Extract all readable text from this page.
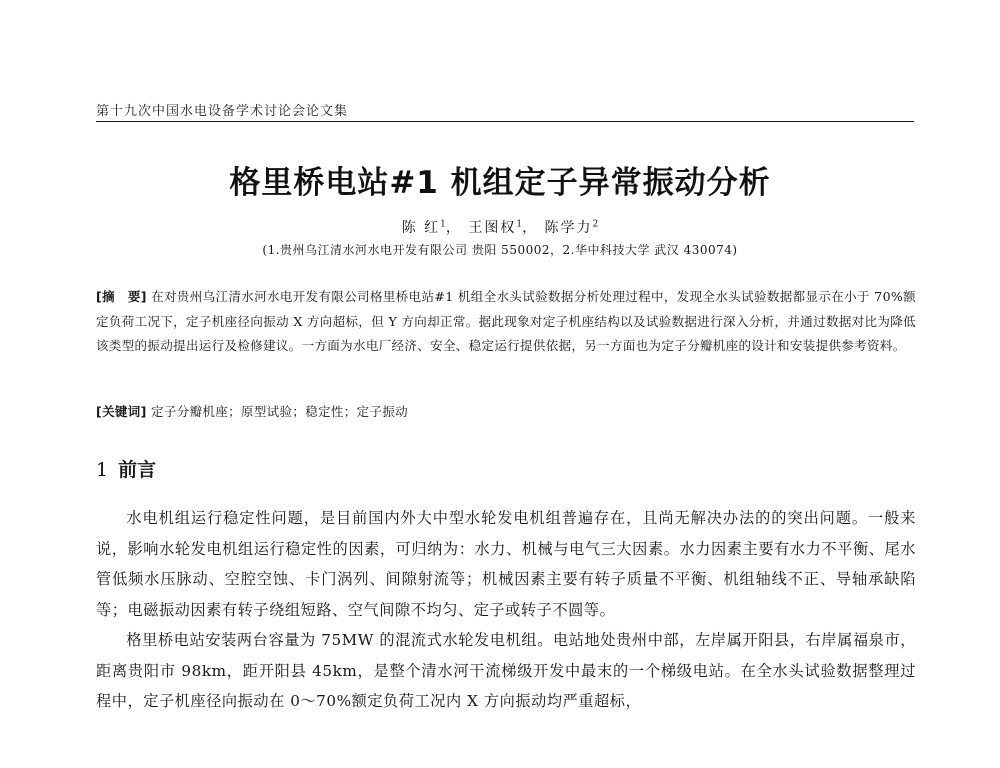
第十九次中国水电设备学术讨论会论文集
格里桥电站#1 机组定子异常振动分析
陈 红$^1$， 王图权$^1$， 陈学力$^2$
(1.贵州乌江清水河水电开发有限公司 贵阳 550002，2.华中科技大学 武汉 430074)
[摘　要] 在对贵州乌江清水河水电开发有限公司格里桥电站#1 机组全水头试验数据分析处理过程中，发现全水头试验数据都显示在小于 70%额定负荷工况下，定子机座径向振动 X 方向超标，但 Y 方向却正常。据此现象对定子机座结构以及试验数据进行深入分析，并通过数据对比为降低该类型的振动提出运行及检修建议。一方面为水电厂经济、安全、稳定运行提供依据，另一方面也为定子分瓣机座的设计和安装提供参考资料。
[关键词] 定子分瓣机座；原型试验；稳定性；定子振动
1 前言

水电机组运行稳定性问题，是目前国内外大中型水轮发电机组普遍存在，且尚无解决办法的的突出问题。一般来说，影响水轮发电机组运行稳定性的因素，可归纳为：水力、机械与电气三大因素。水力因素主要有水力不平衡、尾水管低频水压脉动、空腔空蚀、卡门涡列、间隙射流等；机械因素主要有转子质量不平衡、机组轴线不正、导轴承缺陷等；电磁振动因素有转子绕组短路、空气间隙不均匀、定子或转子不圆等。

格里桥电站安装两台容量为 75MW 的混流式水轮发电机组。电站地处贵州中部，左岸属开阳县，右岸属福泉市，距离贵阳市 98km，距开阳县 45km，是整个清水河干流梯级开发中最末的一个梯级电站。在全水头试验数据整理过程中，定子机座径向振动在 0～70%额定负荷工况内 X 方向振动均严重超标，
